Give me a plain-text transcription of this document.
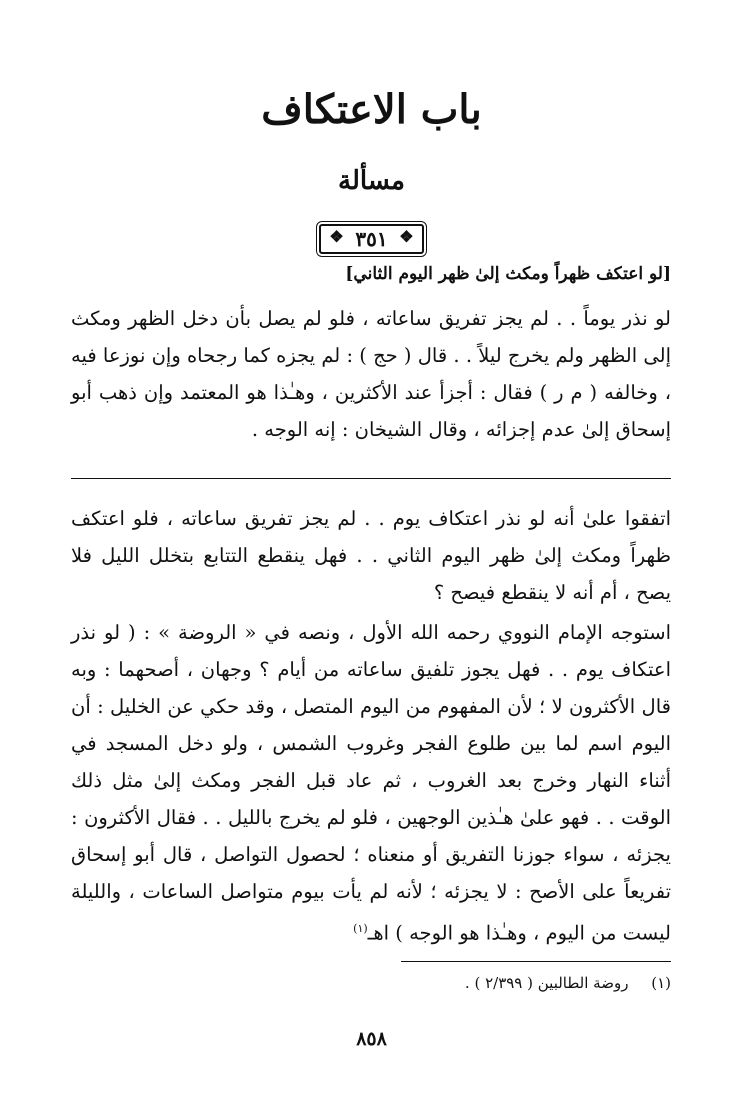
باب الاعتكاف
مسألة
❖ ٣٥١ ❖
[لو اعتكف ظهراً ومكث إلىٰ ظهر اليوم الثاني]

لو نذر يوماً . . لم يجز تفريق ساعاته ، فلو لم يصل بأن دخل الظهر ومكث إلى الظهر ولم يخرج ليلاً . . قال ( حج ) : لم يجزه كما رجحاه وإن نوزعا فيه ، وخالفه ( م ر ) فقال : أجزأ عند الأكثرين ، وهـٰذا هو المعتمد وإن ذهب أبو إسحاق إلىٰ عدم إجزائه ، وقال الشيخان : إنه الوجه .

اتفقوا علىٰ أنه لو نذر اعتكاف يوم . . لم يجز تفريق ساعاته ، فلو اعتكف ظهراً ومكث إلىٰ ظهر اليوم الثاني . . فهل ينقطع التتابع بتخلل الليل فلا يصح ، أم أنه لا ينقطع فيصح ؟

استوجه الإمام النووي رحمه الله الأول ، ونصه في « الروضة » : ( لو نذر اعتكاف يوم . . فهل يجوز تلفيق ساعاته من أيام ؟ وجهان ، أصحهما : وبه قال الأكثرون لا ؛ لأن المفهوم من اليوم المتصل ، وقد حكي عن الخليل : أن اليوم اسم لما بين طلوع الفجر وغروب الشمس ، ولو دخل المسجد في أثناء النهار وخرج بعد الغروب ، ثم عاد قبل الفجر ومكث إلىٰ مثل ذلك الوقت . . فهو علىٰ هـٰذين الوجهين ، فلو لم يخرج بالليل . . فقال الأكثرون : يجزئه ، سواء جوزنا التفريق أو منعناه ؛ لحصول التواصل ، قال أبو إسحاق تفريعاً على الأصح : لا يجزئه ؛ لأنه لم يأت بيوم متواصل الساعات ، والليلة ليست من اليوم ، وهـٰذا هو الوجه ) اهـ$^{(١)}$

(١) روضة الطالبين ( ٢/٣٩٩ ) .
٨٥٨
